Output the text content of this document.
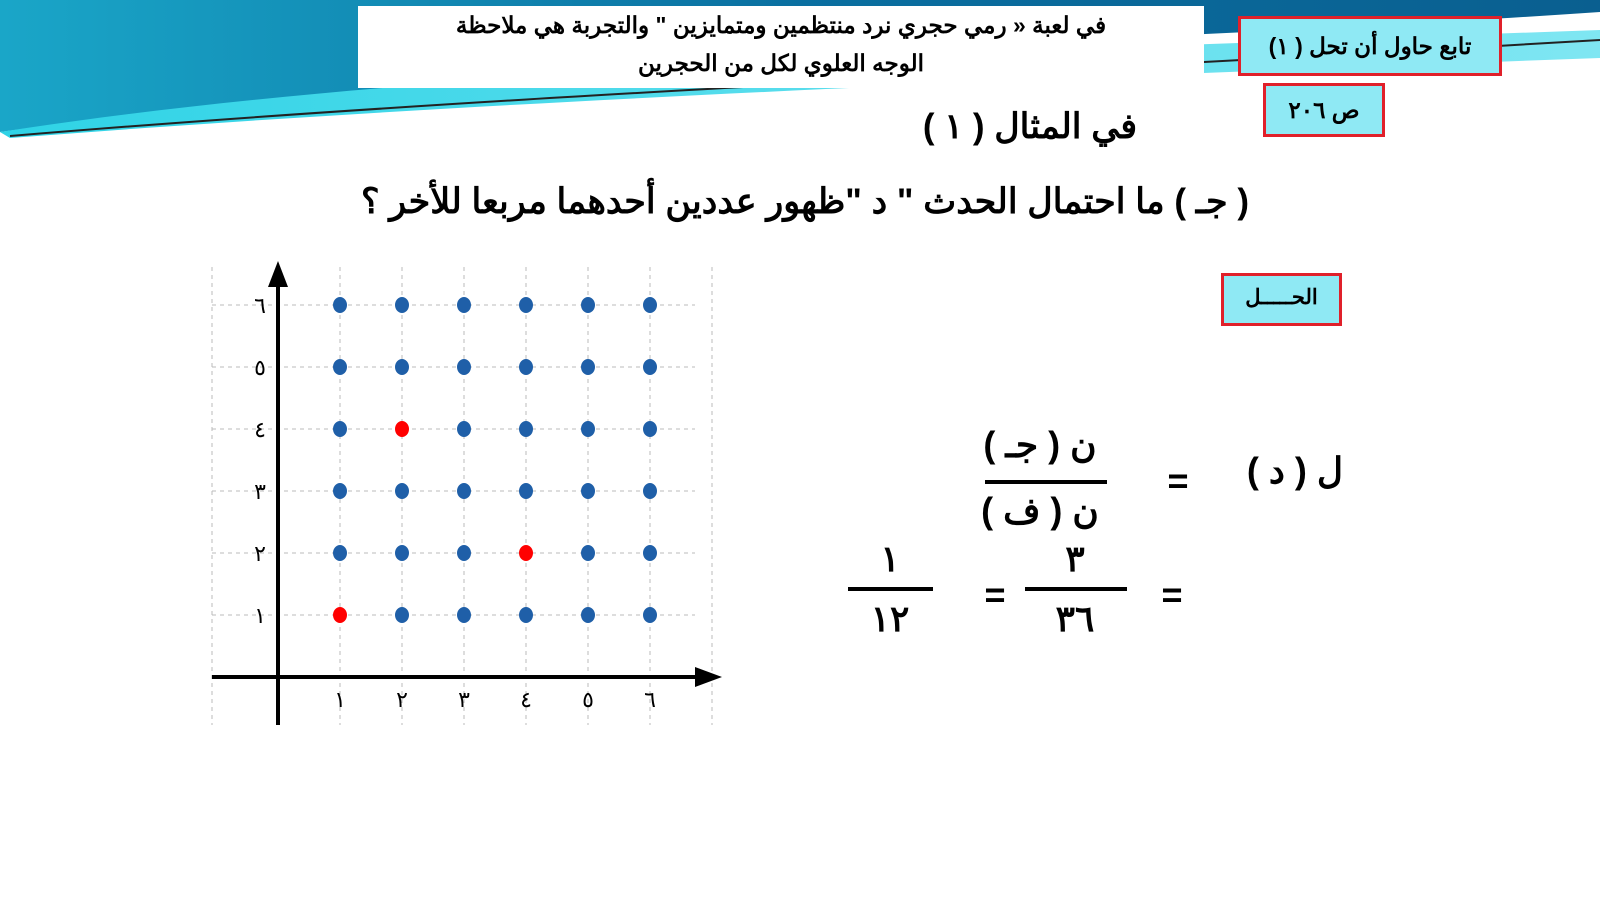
في لعبة « رمي حجري نرد منتظمين ومتمايزين " والتجربة هي ملاحظة
الوجه العلوي لكل من الحجرين
تابع حاول أن تحل ( ١)
ص ٢٠٦
في المثال ( ١ )
( جـ ) ما احتمال الحدث " د "ظهور عددين أحدهما مربعا للأخر ؟
الحـــــل
ل ( د )
=
ن ( جـ )
ن ( ف )
=
٣
٣٦
=
١
١٢
١ ٢ ٣ ٤ ٥ ٦
١
٢
٣
٤
٥
٦
